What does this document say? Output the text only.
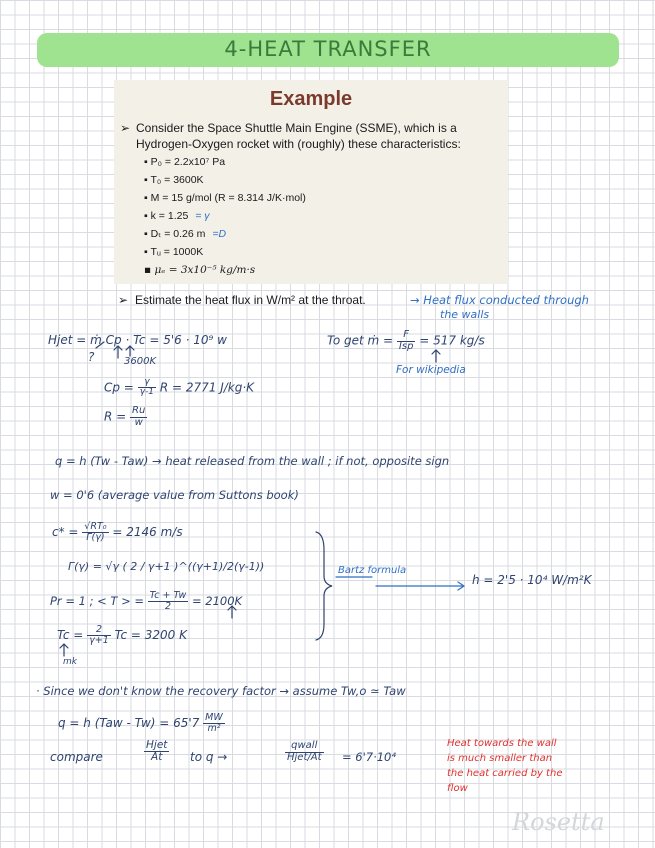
4-HEAT TRANSFER
Example
➢ Consider the Space Shuttle Main Engine (SSME), which is a
Hydrogen-Oxygen rocket with (roughly) these characteristics:
▪ P₀ = 2.2x10⁷ Pa
▪ T₀ = 3600K
▪ M = 15 g/mol (R = 8.314 J/K·mol)
▪ k = 1.25 = γ
▪ Dₜ = 0.26 m =D
▪ Tᵤ = 1000K
▪ μₑ = 3x10⁻⁵ kg/m·s
➢ Estimate the heat flux in W/m² at the throat.	→ Heat flux conducted through
the walls
Hjet = ṁ Cp · Tc = 5'6 · 10⁹ w
?	3600K
$Cp = \frac{\gamma}{\gamma-1}$ R = 2771 J/kg·K
$R = \frac{Ru}{w}$
To get ṁ = $\frac{F}{\text{Isp}} = 517$ kg/s
For wikipedia
q = h (Tw - Taw) → heat released from the wall ; if not, opposite sign
w = 0'6 (average value from Suttons book)
$c* = \frac{\text{√RT₀}}{\Gamma(\gamma)} = 2146$ m/s
Γ(γ) = √γ ( 2 / γ+1 )^((γ+1)/2(γ-1))	Bartz formula
h = 2'5 · 10⁴ W/m²K
Pr = 1 ; < T > = $\frac{Tc + Tw}{2} = 2100K$
$Tc = \frac{2}{\gamma+1}$ Tc = 3200 K
mk
· Since we don't know the recovery factor → assume Tw,o ≃ Taw
q = h $(Taw - Tw) = 65'7 \frac{MW}{\text{m²}}$
compare	$\frac{\text{Hjet}}{At}$ to q →	$\frac{\text{qwall}}{\text{Hjet/At}} = 6'7\cdot 10^4$
Heat towards the wall
is much smaller than
the heat carried by the
flow
Rosetta
